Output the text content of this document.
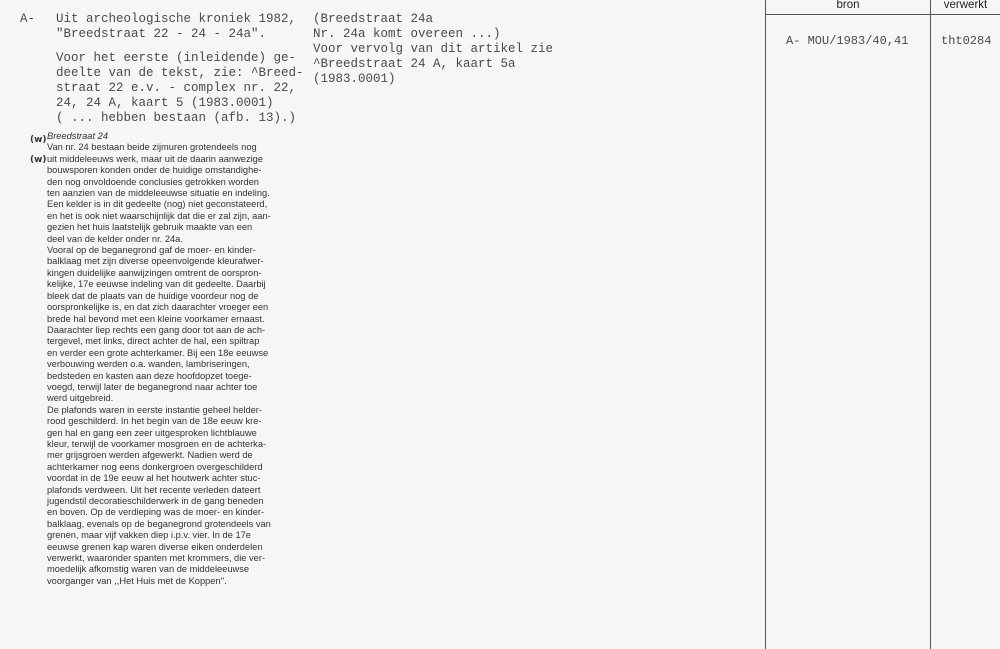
A- Uit archeologische kroniek 1982,
"Breedstraat 22 - 24 - 24a".

Voor het eerste (inleidende) ge-
deelte van de tekst, zie: ^Breed-
straat 22 e.v. - complex nr. 22,
24, 24 A, kaart 5 (1983.0001)
( ... hebben bestaan (afb. 13).)

(Breedstraat 24a
Nr. 24a komt overeen ...)
Voor vervolg van dit artikel zie
^Breedstraat 24 A, kaart 5a
(1983.0001)
bron	verwerkt
A- MOU/1983/40,41	tht0284
(w)
(w)
Breedstraat 24
Van nr. 24 bestaan beide zijmuren grotendeels nog
uit middeleeuws werk, maar uit de daarin aanwezige
bouwsporen konden onder de huidige omstandighe-
den nog onvoldoende conclusies getrokken worden
ten aanzien van de middeleeuwse situatie en indeling.
Een kelder is in dit gedeelte (nog) niet geconstateerd,
en het is ook niet waarschijnlijk dat die er zal zijn, aan-
gezien het huis laatstelijk gebruik maakte van een
deel van de kelder onder nr. 24a.
Vooral op de beganegrond gaf de moer- en kinder-
balklaag met zijn diverse opeenvolgende kleurafwer-
kingen duidelijke aanwijzingen omtrent de oorspron-
kelijke, 17e eeuwse indeling van dit gedeelte. Daarbij
bleek dat de plaats van de huidige voordeur nog de
oorspronkelijke is, en dat zich daarachter vroeger een
brede hal bevond met een kleine voorkamer ernaast.
Daarachter liep rechts een gang door tot aan de ach-
tergevel, met links, direct achter de hal, een spiltrap
en verder een grote achterkamer. Bij een 18e eeuwse
verbouwing werden o.a. wanden, lambriseringen,
bedsteden en kasten aan deze hoofdopzet toege-
voegd, terwijl later de beganegrond naar achter toe
werd uitgebreid.
De plafonds waren in eerste instantie geheel helder-
rood geschilderd. In het begin van de 18e eeuw kre-
gen hal en gang een zeer uitgesproken lichtblauwe
kleur, terwijl de voorkamer mosgroen en de achterka-
mer grijsgroen werden afgewerkt. Nadien werd de
achterkamer nog eens donkergroen overgeschilderd
voordat in de 19e eeuw al het houtwerk achter stuc-
plafonds verdween. Uit het recente verleden dateert
jugendstil decoratieschilderwerk in de gang beneden
en boven. Op de verdieping was de moer- en kinder-
balklaag, evenals op de beganegrond grotendeels van
grenen, maar vijf vakken diep i.p.v. vier. In de 17e
eeuwse grenen kap waren diverse eiken onderdelen
verwerkt, waaronder spanten met krommers, die ver-
moedelijk afkomstig waren van de middeleeuwse
voorganger van ,,Het Huis met de Koppen''.
